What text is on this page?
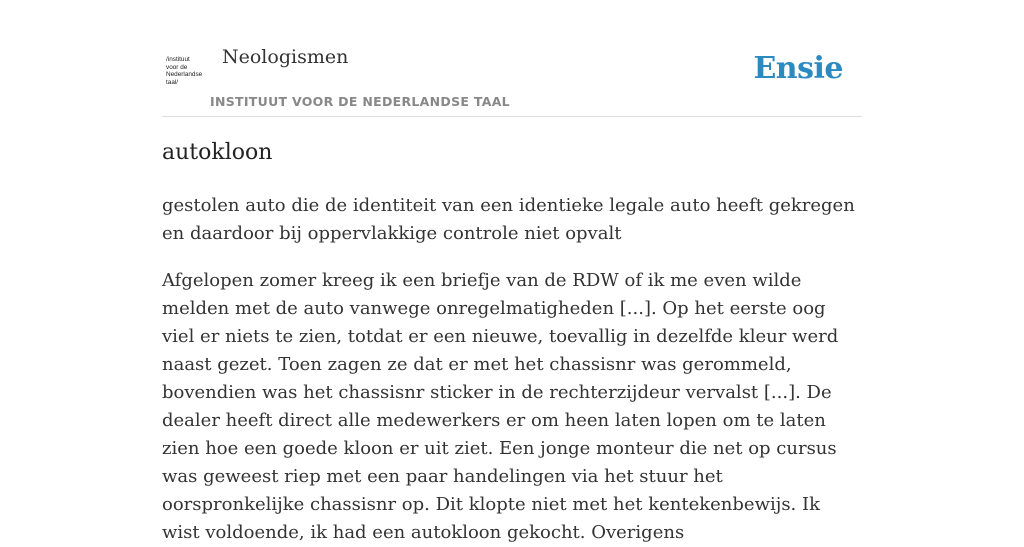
/instituut
voor de
Nederlandse
taal/
Neologismen
INSTITUUT VOOR DE NEDERLANDSE TAAL
Ensie
autokloon

gestolen auto die de identiteit van een identieke legale auto heeft gekregen en daardoor bij oppervlakkige controle niet opvalt

Afgelopen zomer kreeg ik een briefje van de RDW of ik me even wilde melden met de auto vanwege onregelmatigheden [...]. Op het eerste oog viel er niets te zien, totdat er een nieuwe, toevallig in dezelfde kleur werd naast gezet. Toen zagen ze dat er met het chassisnr was gerommeld, bovendien was het chassisnr sticker in de rechterzijdeur vervalst [...]. De dealer heeft direct alle medewerkers er om heen laten lopen om te laten zien hoe een goede kloon er uit ziet. Een jonge monteur die net op cursus was geweest riep met een paar handelingen via het stuur het oorspronkelijke chassisnr op. Dit klopte niet met het kentekenbewijs. Ik wist voldoende, ik had een autokloon gekocht. Overigens
